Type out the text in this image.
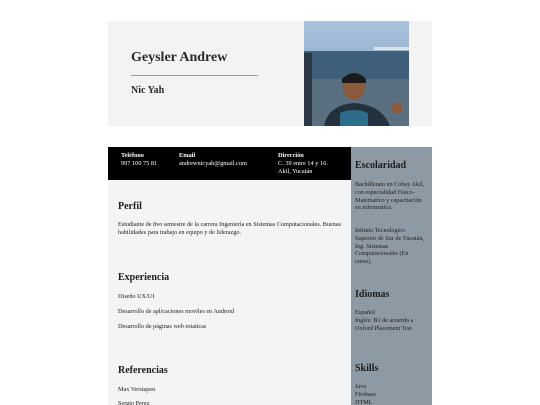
Geysler Andrew
Nic Yah
Teléfono
997 100 75 81
Email
andrewnicyah@gmail.com
Dirección
C. 39 entre 14 y 16. Akil, Yucatán
Perfil
Estudiante de 8vo semestre de la carrera Ingeniería en Sistemas Computacionales. Buenas habilidades para trabajo en equipo y de liderazgo.
Experiencia
Diseño UX/UI
Desarrollo de aplicaciones moviles en Android
Desarrollo de páginas web estaticas
Referencias
Max Verstapen
Sergio Perez
Escolaridad
Bachillerato en Cobay Akil, con especialidad Físico-Matematico y capacitación en informatica.
Intituto Tecnológico Superior de Sur de Yucatán, Ing. Sistemas Computacionales (En curso).
Idiomas
Español
Inglés: B1 de acuerdo a Oxford Placement Test
Skills
Java
Firebase
HTML
